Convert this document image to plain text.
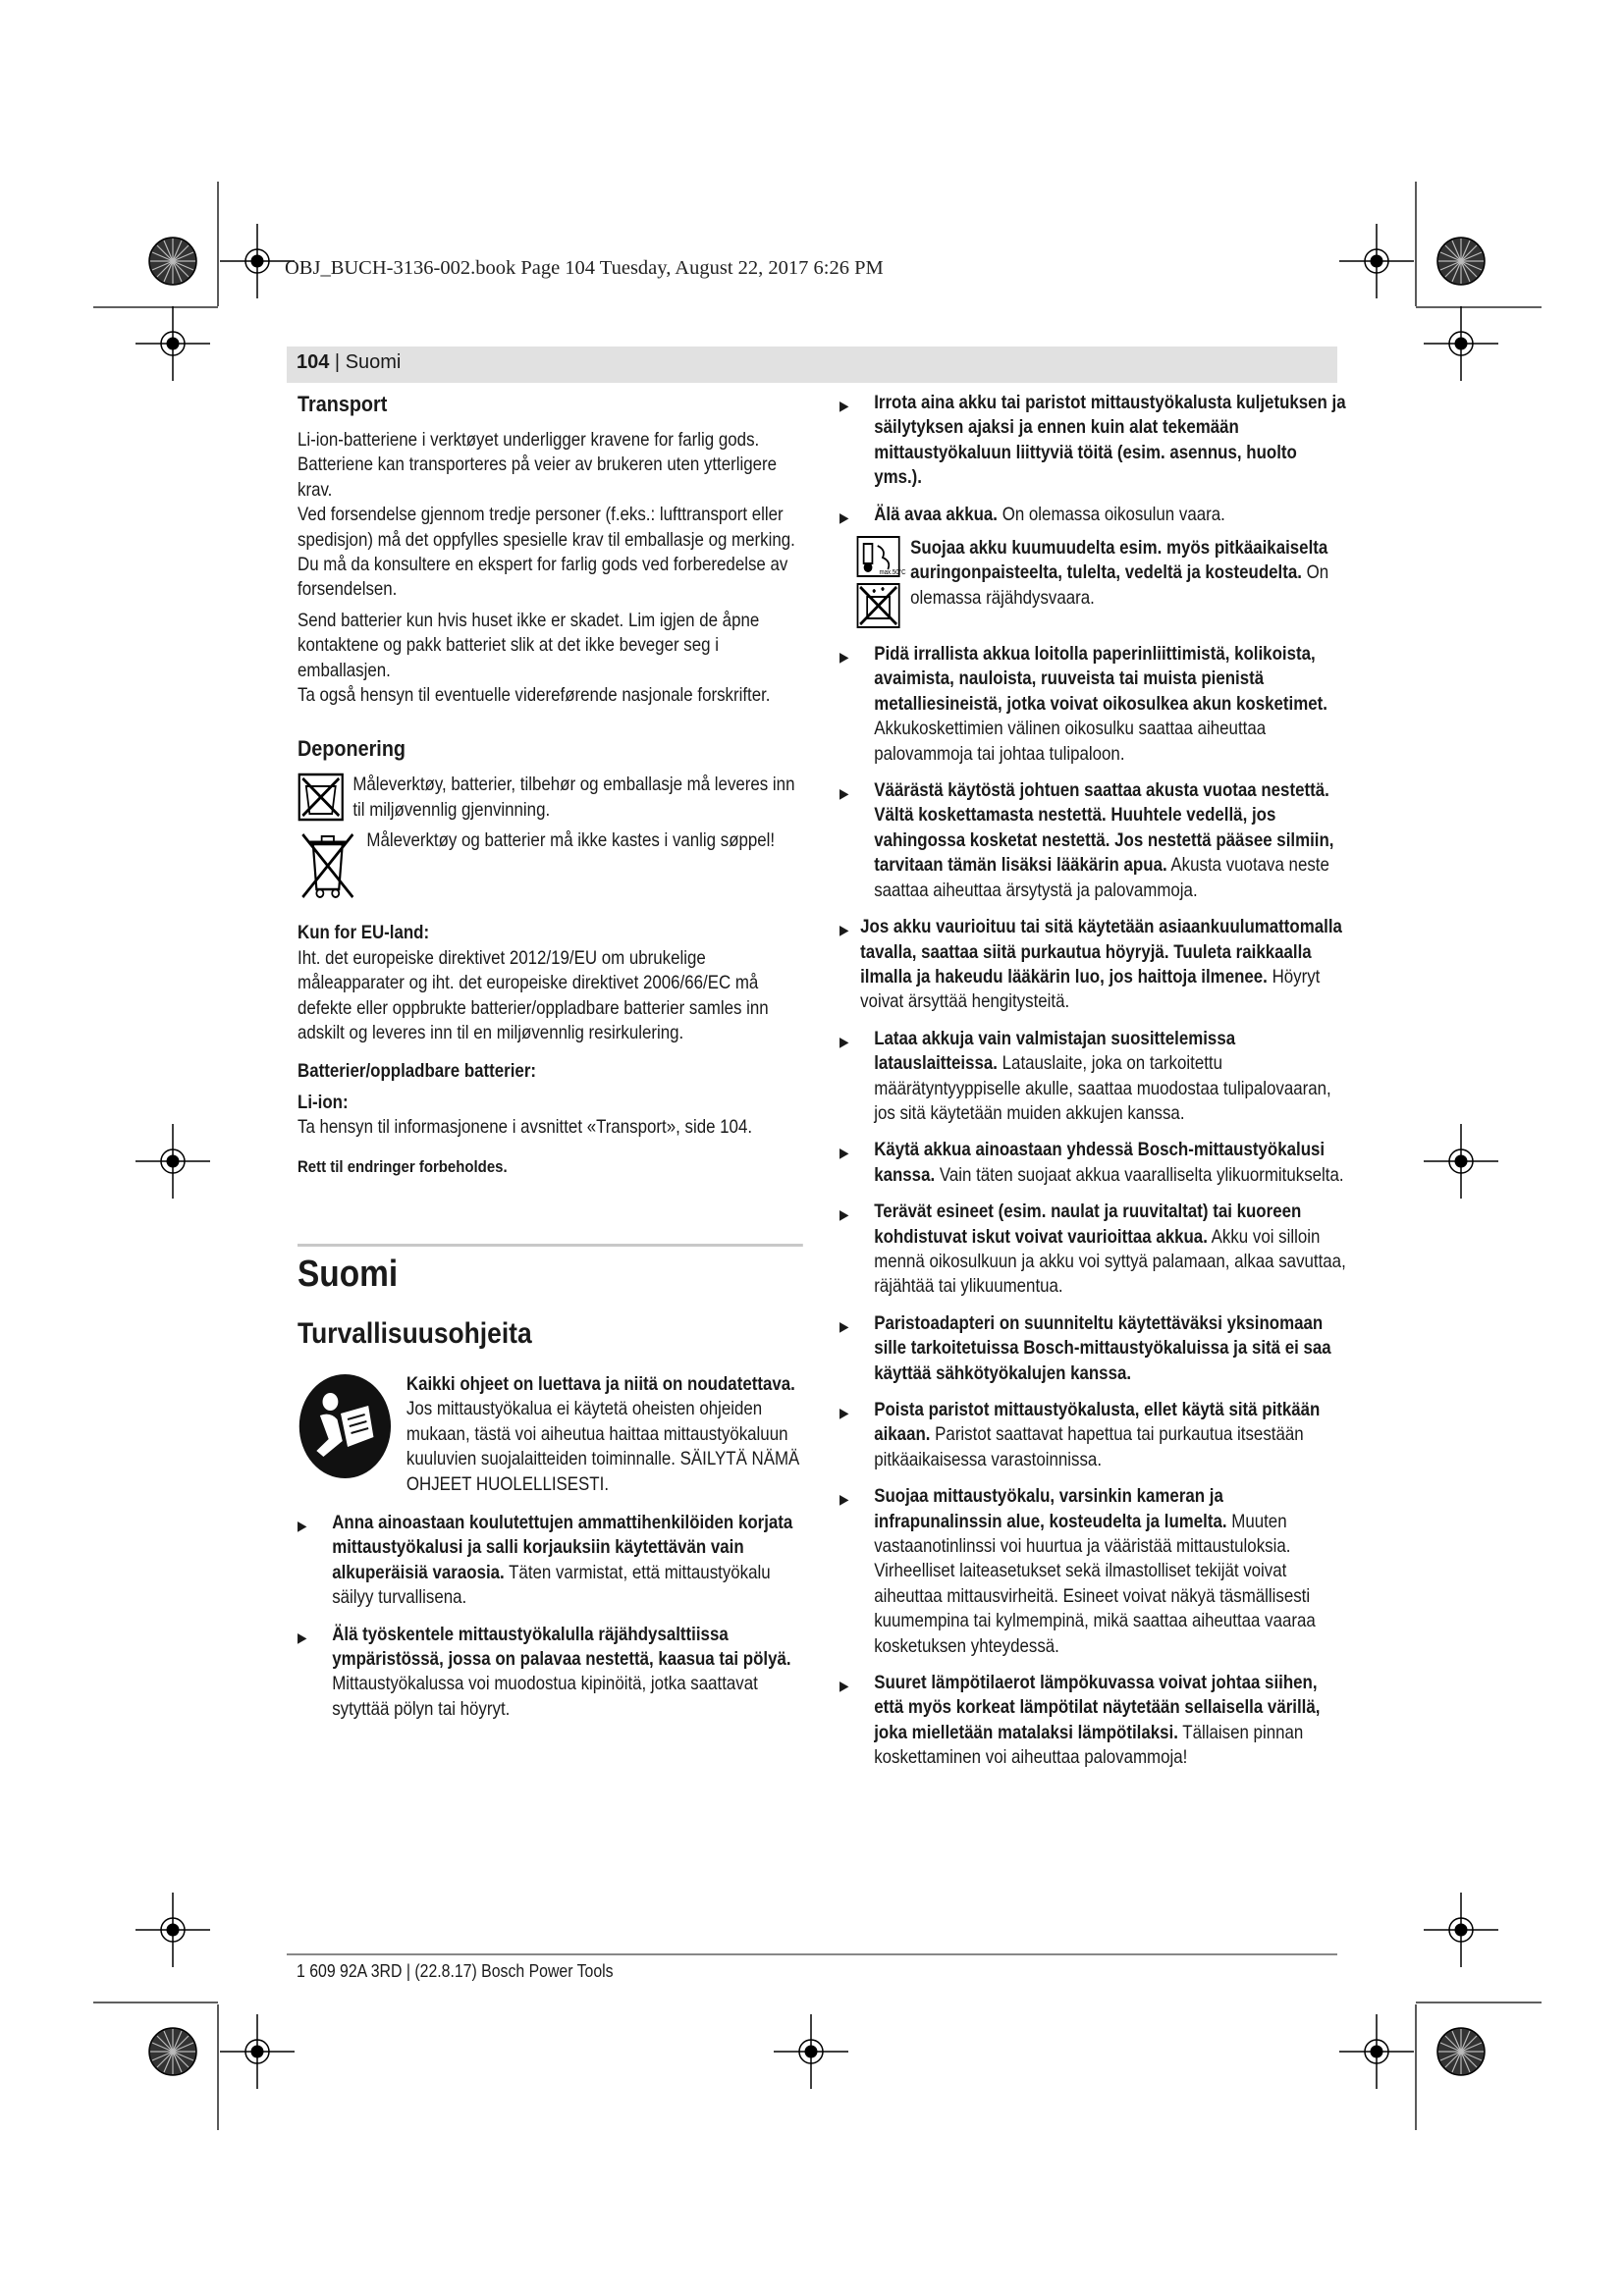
OBJ_BUCH-3136-002.book Page 104 Tuesday, August 22, 2017 6:26 PM
104 | Suomi
Transport

Li-ion-batteriene i verktøyet underligger kravene for farlig gods. Batteriene kan transporteres på veier av brukeren uten ytterligere krav.

Ved forsendelse gjennom tredje personer (f.eks.: lufttransport eller spedisjon) må det oppfylles spesielle krav til emballasje og merking. Du må da konsultere en ekspert for farlig gods ved forberedelse av forsendelsen.

Send batterier kun hvis huset ikke er skadet. Lim igjen de åpne kontaktene og pakk batteriet slik at det ikke beveger seg i emballasjen.

Ta også hensyn til eventuelle videreførende nasjonale forskrifter.

Deponering
Måleverktøy, batterier, tilbehør og emballasje må leveres inn til miljøvennlig gjenvinning.
Måleverktøy og batterier må ikke kastes i vanlig søppel!

Kun for EU-land:

Iht. det europeiske direktivet 2012/19/EU om ubrukelige måleapparater og iht. det europeiske direktivet 2006/66/EC må defekte eller oppbrukte batterier/oppladbare batterier samles inn adskilt og leveres inn til en miljøvennlig resirkulering.

Batterier/oppladbare batterier:

Li-ion:

Ta hensyn til informasjonene i avsnittet «Transport», side 104.

Rett til endringer forbeholdes.

Suomi

Turvallisuusohjeita

Kaikki ohjeet on luettava ja niitä on noudatettava. Jos mittaustyökalua ei käytetä oheisten ohjeiden mukaan, tästä voi aiheutua haittaa mittaustyökaluun kuuluvien suojalaitteiden toiminnalle. SÄILYTÄ NÄMÄ OHJEET HUOLELLISESTI.
▶	Anna ainoastaan koulutettujen ammattihenkilöiden korjata mittaustyökalusi ja salli korjauksiin käytettävän vain alkuperäisiä varaosia. Täten varmistat, että mittaustyökalu säilyy turvallisena.
▶	Älä työskentele mittaustyökalulla räjähdysalttiissa ympäristössä, jossa on palavaa nestettä, kaasua tai pölyä. Mittaustyökalussa voi muodostua kipinöitä, jotka saattavat sytyttää pölyn tai höyryt.
▶	Irrota aina akku tai paristot mittaustyökalusta kuljetuksen ja säilytyksen ajaksi ja ennen kuin alat tekemään mittaustyökaluun liittyviä töitä (esim. asennus, huolto yms.).
▶	Älä avaa akkua. On olemassa oikosulun vaara.
max.50°C
Suojaa akku kuumuudelta esim. myös pitkäaikaiselta auringonpaisteelta, tulelta, vedeltä ja kosteudelta. On olemassa räjähdysvaara.
▶	Pidä irrallista akkua loitolla paperinliittimistä, kolikoista, avaimista, nauloista, ruuveista tai muista pienistä metalliesineistä, jotka voivat oikosulkea akun kosketimet. Akkukoskettimien välinen oikosulku saattaa aiheuttaa palovammoja tai johtaa tulipaloon.
▶	Väärästä käytöstä johtuen saattaa akusta vuotaa nestettä. Vältä koskettamasta nestettä. Huuhtele vedellä, jos vahingossa kosketat nestettä. Jos nestettä pääsee silmiin, tarvitaan tämän lisäksi lääkärin apua. Akusta vuotava neste saattaa aiheuttaa ärsytystä ja palovammoja.
▶ Jos akku vaurioituu tai sitä käytetään asiaankuulumattomalla tavalla, saattaa siitä purkautua höyryjä. Tuuleta raikkaalla ilmalla ja hakeudu lääkärin luo, jos haittoja ilmenee. Höyryt voivat ärsyttää hengitysteitä.
▶	Lataa akkuja vain valmistajan suosittelemissa latauslaitteissa. Latauslaite, joka on tarkoitettu määrätyntyyppiselle akulle, saattaa muodostaa tulipalovaaran, jos sitä käytetään muiden akkujen kanssa.
▶	Käytä akkua ainoastaan yhdessä Bosch-mittaustyökalusi kanssa. Vain täten suojaat akkua vaaralliselta ylikuormitukselta.
▶	Terävät esineet (esim. naulat ja ruuvitaltat) tai kuoreen kohdistuvat iskut voivat vaurioittaa akkua. Akku voi silloin mennä oikosulkuun ja akku voi syttyä palamaan, alkaa savuttaa, räjähtää tai ylikuumentua.
▶	Paristoadapteri on suunniteltu käytettäväksi yksinomaan sille tarkoitetuissa Bosch-mittaustyökaluissa ja sitä ei saa käyttää sähkötyökalujen kanssa.
▶	Poista paristot mittaustyökalusta, ellet käytä sitä pitkään aikaan. Paristot saattavat hapettua tai purkautua itsestään pitkäaikaisessa varastoinnissa.
▶	Suojaa mittaustyökalu, varsinkin kameran ja infrapunalinssin alue, kosteudelta ja lumelta. Muuten vastaanotinlinssi voi huurtua ja vääristää mittaustuloksia. Virheelliset laiteasetukset sekä ilmastolliset tekijät voivat aiheuttaa mittausvirheitä. Esineet voivat näkyä täsmällisesti kuumempina tai kylmempinä, mikä saattaa aiheuttaa vaaraa kosketuksen yhteydessä.
▶	Suuret lämpötilaerot lämpökuvassa voivat johtaa siihen, että myös korkeat lämpötilat näytetään sellaisella värillä, joka mielletään matalaksi lämpötilaksi. Tällaisen pinnan koskettaminen voi aiheuttaa palovammoja!
1 609 92A 3RD | (22.8.17) Bosch Power Tools
